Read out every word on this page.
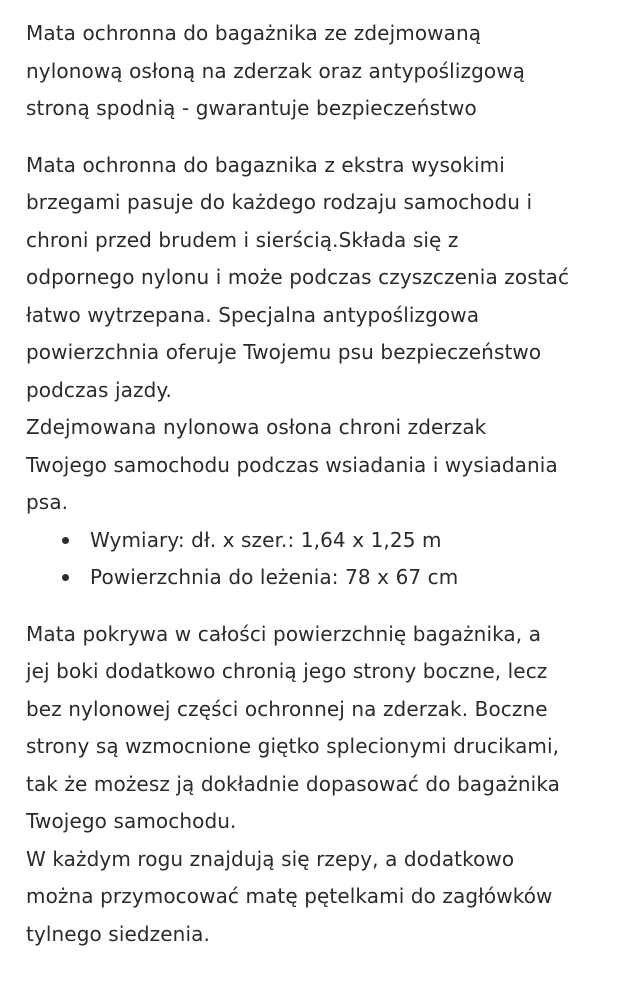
Mata ochronna do bagażnika ze zdejmowaną
nylonową osłoną na zderzak oraz antypoślizgową
stroną spodnią - gwarantuje bezpieczeństwo

Mata ochronna do bagaznika z ekstra wysokimi
brzegami pasuje do każdego rodzaju samochodu i
chroni przed brudem i sierścią.Składa się z
odpornego nylonu i może podczas czyszczenia zostać
łatwo wytrzepana. Specjalna antypoślizgowa
powierzchnia oferuje Twojemu psu bezpieczeństwo
podczas jazdy.

Zdejmowana nylonowa osłona chroni zderzak
Twojego samochodu podczas wsiadania i wysiadania
psa.

Wymiary: dł. x szer.: 1,64 x 1,25 m
Powierzchnia do leżenia: 78 x 67 cm

Mata pokrywa w całości powierzchnię bagażnika, a
jej boki dodatkowo chronią jego strony boczne, lecz
bez nylonowej części ochronnej na zderzak. Boczne
strony są wzmocnione giętko splecionymi drucikami,
tak że możesz ją dokładnie dopasować do bagażnika
Twojego samochodu.

W każdym rogu znajdują się rzepy, a dodatkowo
można przymocować matę pętelkami do zagłówków
tylnego siedzenia.
